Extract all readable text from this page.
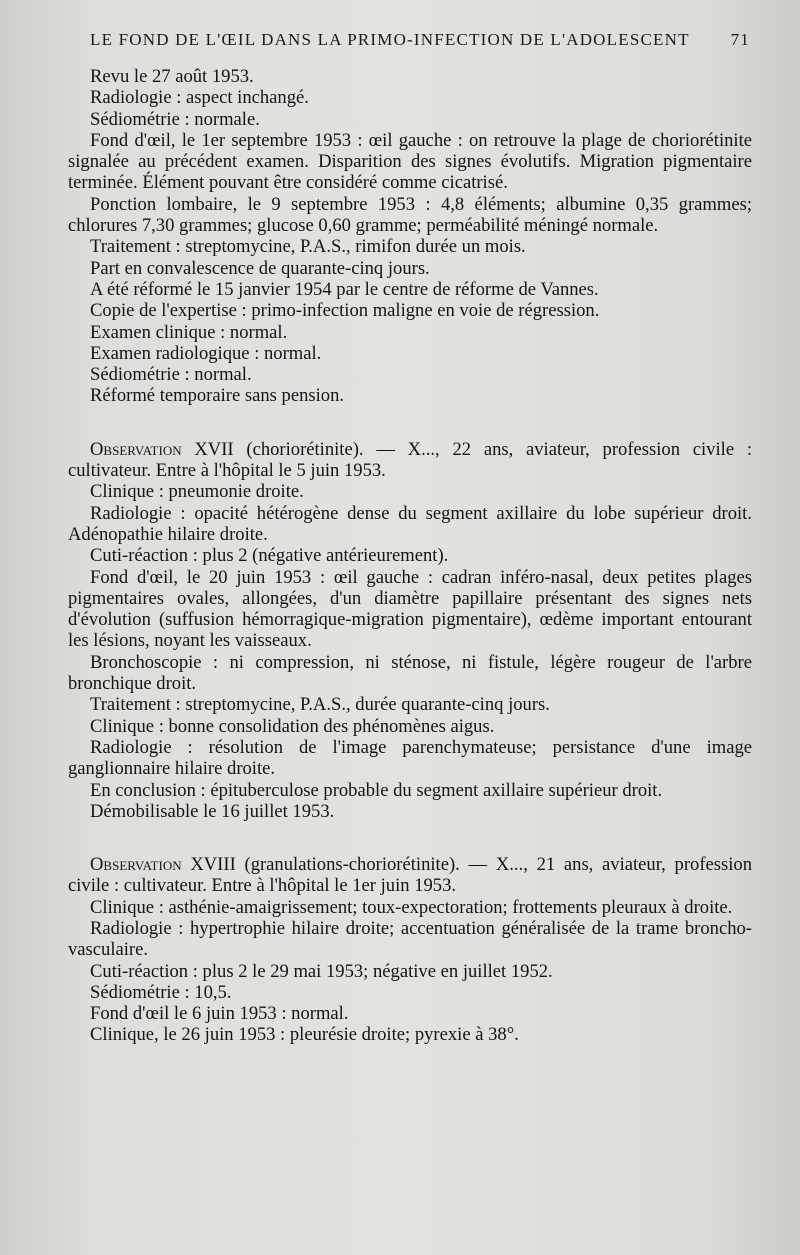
LE FOND DE L'ŒIL DANS LA PRIMO-INFECTION DE L'ADOLESCENT 71

Revu le 27 août 1953.

Radiologie : aspect inchangé.

Sédiométrie : normale.

Fond d'œil, le 1er septembre 1953 : œil gauche : on retrouve la plage de choriorétinite signalée au précédent examen. Disparition des signes évolutifs. Migration pigmentaire terminée. Élément pouvant être considéré comme cicatrisé.

Ponction lombaire, le 9 septembre 1953 : 4,8 éléments; albumine 0,35 grammes; chlorures 7,30 grammes; glucose 0,60 gramme; perméabilité méningé normale.

Traitement : streptomycine, P.A.S., rimifon durée un mois.

Part en convalescence de quarante-cinq jours.

A été réformé le 15 janvier 1954 par le centre de réforme de Vannes.

Copie de l'expertise : primo-infection maligne en voie de régression.

Examen clinique : normal.

Examen radiologique : normal.

Sédiométrie : normal.

Réformé temporaire sans pension.

Observation XVII (choriorétinite). — X..., 22 ans, aviateur, profession civile : cultivateur. Entre à l'hôpital le 5 juin 1953.

Clinique : pneumonie droite.

Radiologie : opacité hétérogène dense du segment axillaire du lobe supérieur droit. Adénopathie hilaire droite.

Cuti-réaction : plus 2 (négative antérieurement).

Fond d'œil, le 20 juin 1953 : œil gauche : cadran inféro-nasal, deux petites plages pigmentaires ovales, allongées, d'un diamètre papillaire présentant des signes nets d'évolution (suffusion hémorragique-migration pigmentaire), œdème important entourant les lésions, noyant les vaisseaux.

Bronchoscopie : ni compression, ni sténose, ni fistule, légère rougeur de l'arbre bronchique droit.

Traitement : streptomycine, P.A.S., durée quarante-cinq jours.

Clinique : bonne consolidation des phénomènes aigus.

Radiologie : résolution de l'image parenchymateuse; persistance d'une image ganglionnaire hilaire droite.

En conclusion : épituberculose probable du segment axillaire supérieur droit.

Démobilisable le 16 juillet 1953.

Observation XVIII (granulations-choriorétinite). — X..., 21 ans, aviateur, profession civile : cultivateur. Entre à l'hôpital le 1er juin 1953.

Clinique : asthénie-amaigrissement; toux-expectoration; frottements pleuraux à droite.

Radiologie : hypertrophie hilaire droite; accentuation généralisée de la trame broncho-vasculaire.

Cuti-réaction : plus 2 le 29 mai 1953; négative en juillet 1952.

Sédiométrie : 10,5.

Fond d'œil le 6 juin 1953 : normal.

Clinique, le 26 juin 1953 : pleurésie droite; pyrexie à 38°.
